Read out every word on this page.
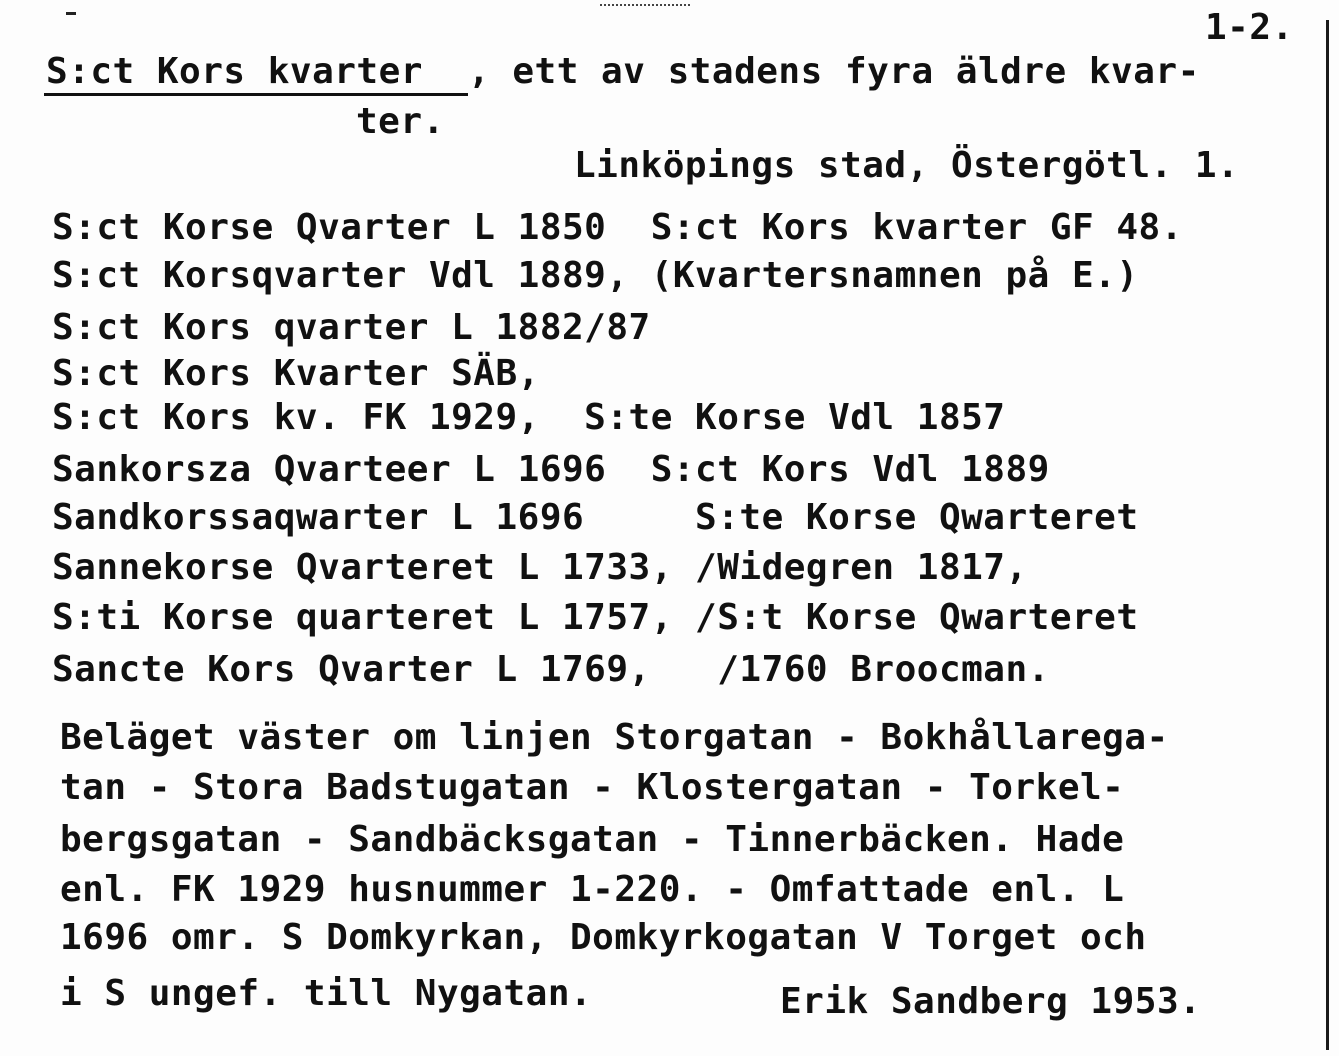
1-2.
S:ct Kors kvarter , ett av stadens fyra äldre kvar-
ter.
Linköpings stad, Östergötl. 1.
S:ct Korse Qvarter L 1850  S:ct Kors kvarter GF 48.
S:ct Korsqvarter Vdl 1889, (Kvartersnamnen på E.)
S:ct Kors qvarter L 1882/87
S:ct Kors Kvarter SÄB,
S:ct Kors kv. FK 1929,  S:te Korse Vdl 1857
Sankorsza Qvarteer L 1696  S:ct Kors Vdl 1889
Sandkorssaqwarter L 1696     S:te Korse Qwarteret
Sannekorse Qvarteret L 1733, /Widegren 1817,
S:ti Korse quarteret L 1757, /S:t Korse Qwarteret
Sancte Kors Qvarter L 1769,   /1760 Broocman.
Beläget väster om linjen Storgatan - Bokhållarega-
tan - Stora Badstugatan - Klostergatan - Torkel-
bergsgatan - Sandbäcksgatan - Tinnerbäcken. Hade
enl. FK 1929 husnummer 1-220. - Omfattade enl. L
1696 omr. S Domkyrkan, Domkyrkogatan V Torget och
i S ungef. till Nygatan.	Erik Sandberg 1953.
